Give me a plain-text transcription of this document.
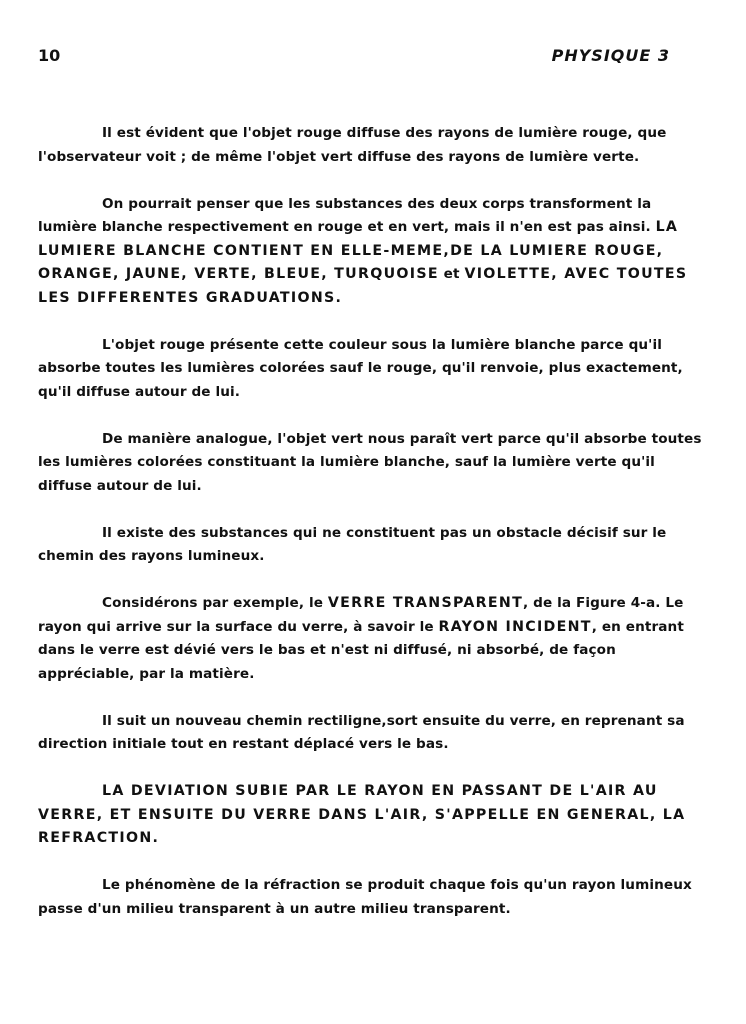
10	PHYSIQUE 3

Il est évident que l'objet rouge diffuse des rayons de lumière rouge, que l'observateur voit ; de même l'objet vert diffuse des rayons de lumière verte.

On pourrait penser que les substances des deux corps transforment la lumière blanche respectivement en rouge et en vert, mais il n'en est pas ainsi. LA LUMIERE BLANCHE CONTIENT EN ELLE-MEME,DE LA LUMIERE ROUGE, ORANGE, JAUNE, VERTE, BLEUE, TURQUOISE et VIOLETTE, AVEC TOUTES LES DIFFERENTES GRADUATIONS.

L'objet rouge présente cette couleur sous la lumière blanche parce qu'il absorbe toutes les lumières colorées sauf le rouge, qu'il renvoie, plus exactement, qu'il diffuse autour de lui.

De manière analogue, l'objet vert nous paraît vert parce qu'il absorbe toutes les lumières colorées constituant la lumière blanche, sauf la lumière verte qu'il diffuse autour de lui.

Il existe des substances qui ne constituent pas un obstacle décisif sur le chemin des rayons lumineux.

Considérons par exemple, le VERRE TRANSPARENT, de la Figure 4-a. Le rayon qui arrive sur la surface du verre, à savoir le RAYON INCIDENT, en entrant dans le verre est dévié vers le bas et n'est ni diffusé, ni absorbé, de façon appréciable, par la matière.

Il suit un nouveau chemin rectiligne,sort ensuite du verre, en reprenant sa direction initiale tout en restant déplacé vers le bas.

LA DEVIATION SUBIE PAR LE RAYON EN PASSANT DE L'AIR AU VERRE, ET ENSUITE DU VERRE DANS L'AIR, S'APPELLE EN GENERAL, LA REFRACTION.

Le phénomène de la réfraction se produit chaque fois qu'un rayon lumineux passe d'un milieu transparent à un autre milieu transparent.
